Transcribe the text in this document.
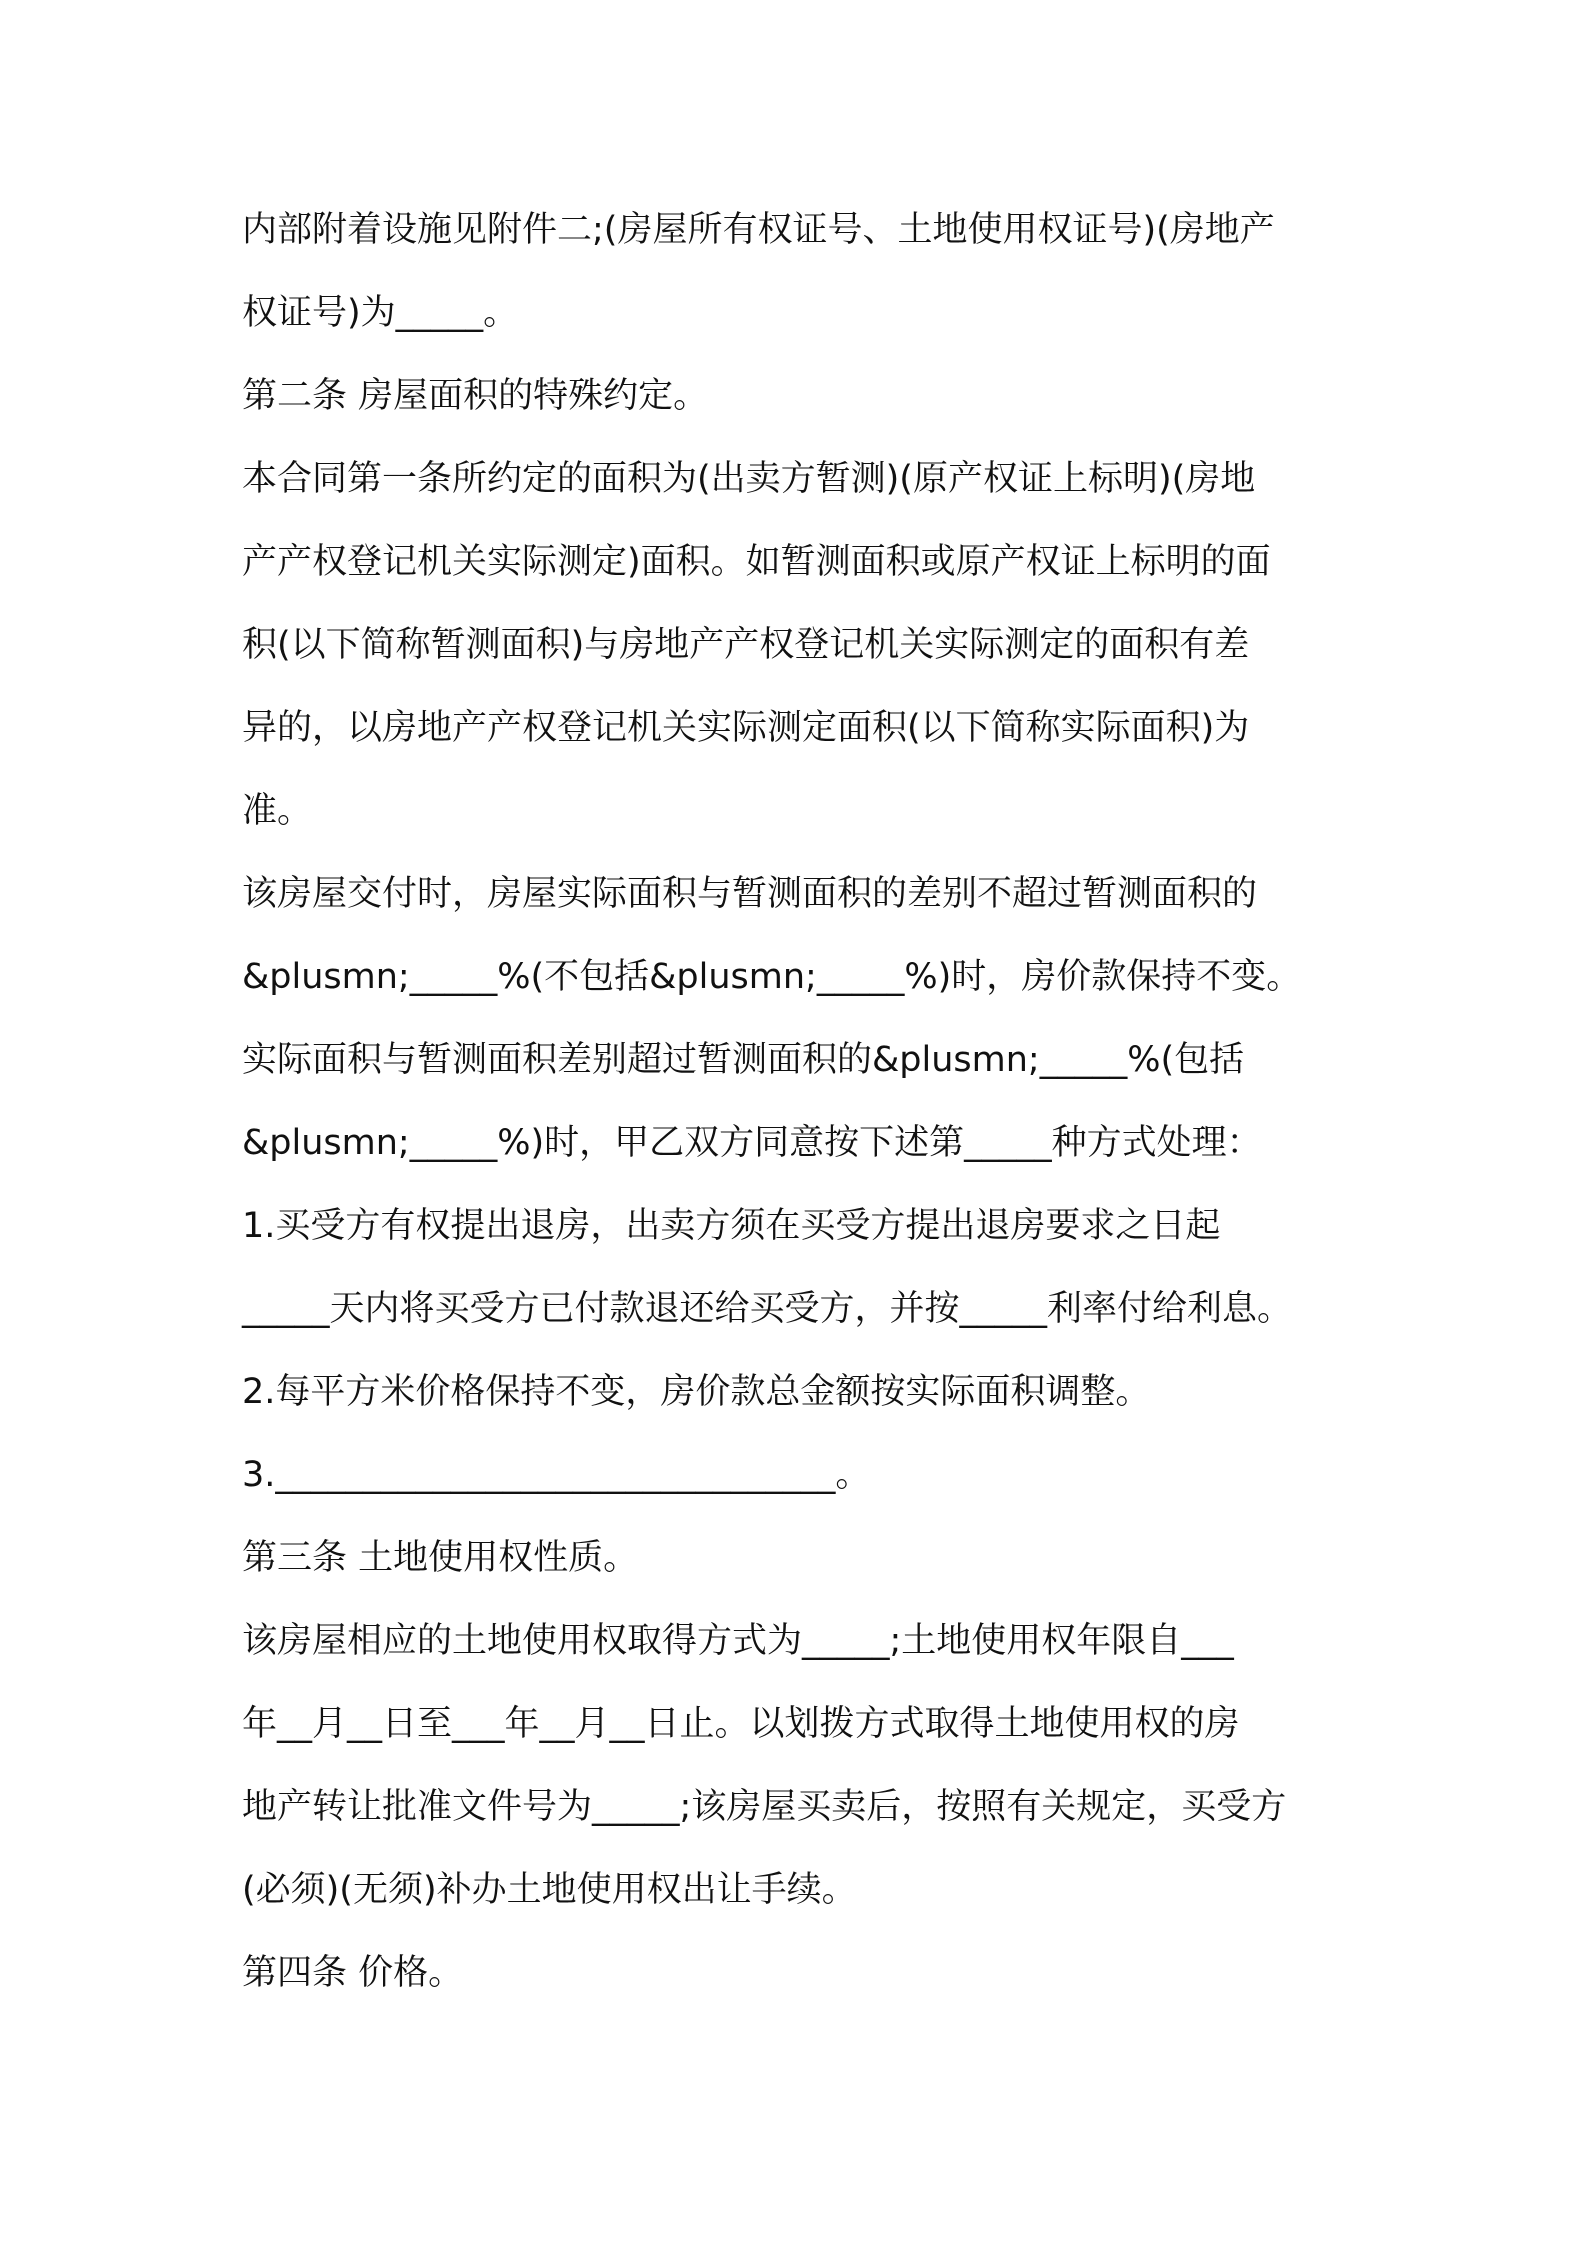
内部附着设施见附件二;(房屋所有权证号、土地使用权证号)(房地产
权证号)为_____。
第二条 房屋面积的特殊约定。
本合同第一条所约定的面积为(出卖方暂测)(原产权证上标明)(房地
产产权登记机关实际测定)面积。如暂测面积或原产权证上标明的面
积(以下简称暂测面积)与房地产产权登记机关实际测定的面积有差
异的，以房地产产权登记机关实际测定面积(以下简称实际面积)为
准。
该房屋交付时，房屋实际面积与暂测面积的差别不超过暂测面积的
&plusmn;_____%(不包括&plusmn;_____%)时，房价款保持不变。
实际面积与暂测面积差别超过暂测面积的&plusmn;_____%(包括
&plusmn;_____%)时，甲乙双方同意按下述第_____种方式处理：
1.买受方有权提出退房，出卖方须在买受方提出退房要求之日起
_____天内将买受方已付款退还给买受方，并按_____利率付给利息。
2.每平方米价格保持不变，房价款总金额按实际面积调整。
3.________________________________。
第三条 土地使用权性质。
该房屋相应的土地使用权取得方式为_____;土地使用权年限自___
年__月__日至___年__月__日止。以划拨方式取得土地使用权的房
地产转让批准文件号为_____;该房屋买卖后，按照有关规定，买受方
(必须)(无须)补办土地使用权出让手续。
第四条 价格。
